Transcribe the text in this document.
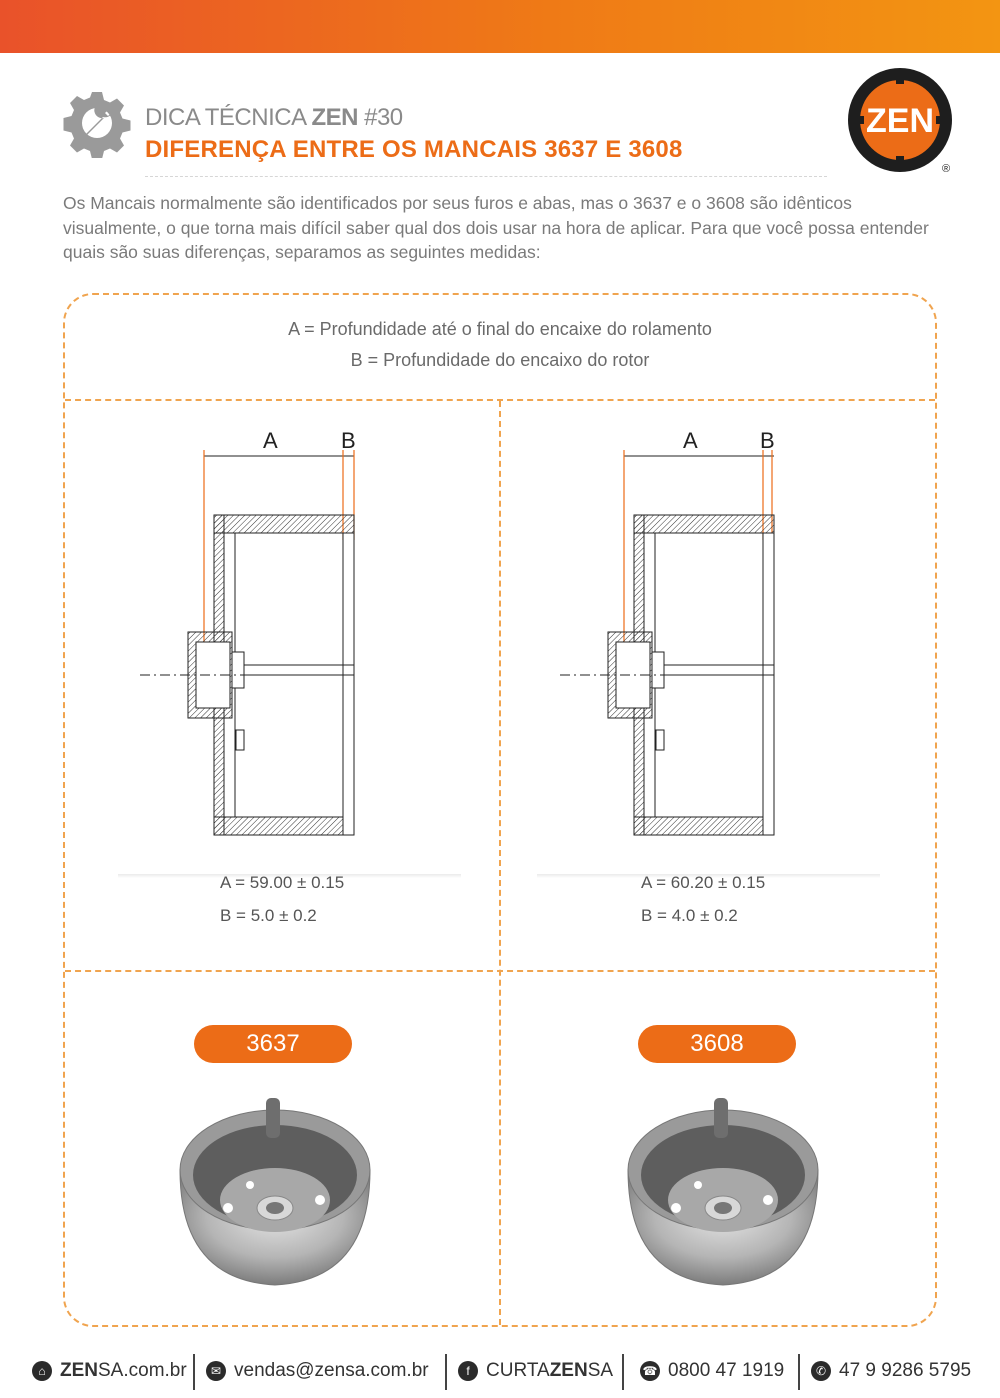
DICA TÉCNICA ZEN #30
DIFERENÇA ENTRE OS MANCAIS 3637 E 3608
ZEN
®

Os Mancais normalmente são identificados por seus furos e abas, mas o 3637 e o 3608 são idênticos visualmente, o que torna mais difícil saber qual dos dois usar na hora de aplicar. Para que você possa entender quais são suas diferenças, separamos as seguintes medidas:

A = Profundidade até o final do encaixe do rolamento
B = Profundidade do encaixo do rotor
A	B
A = 59.00 ± 0.15
B = 5.0 ± 0.2
A	B
A = 60.20 ± 0.15
B = 4.0 ± 0.2
3637	3608
⌂ ZENSA.com.br	✉ vendas@zensa.com.br	f CURTAZENSA ☎ 0800 47 1919	✆ 47 9 9286 5795
